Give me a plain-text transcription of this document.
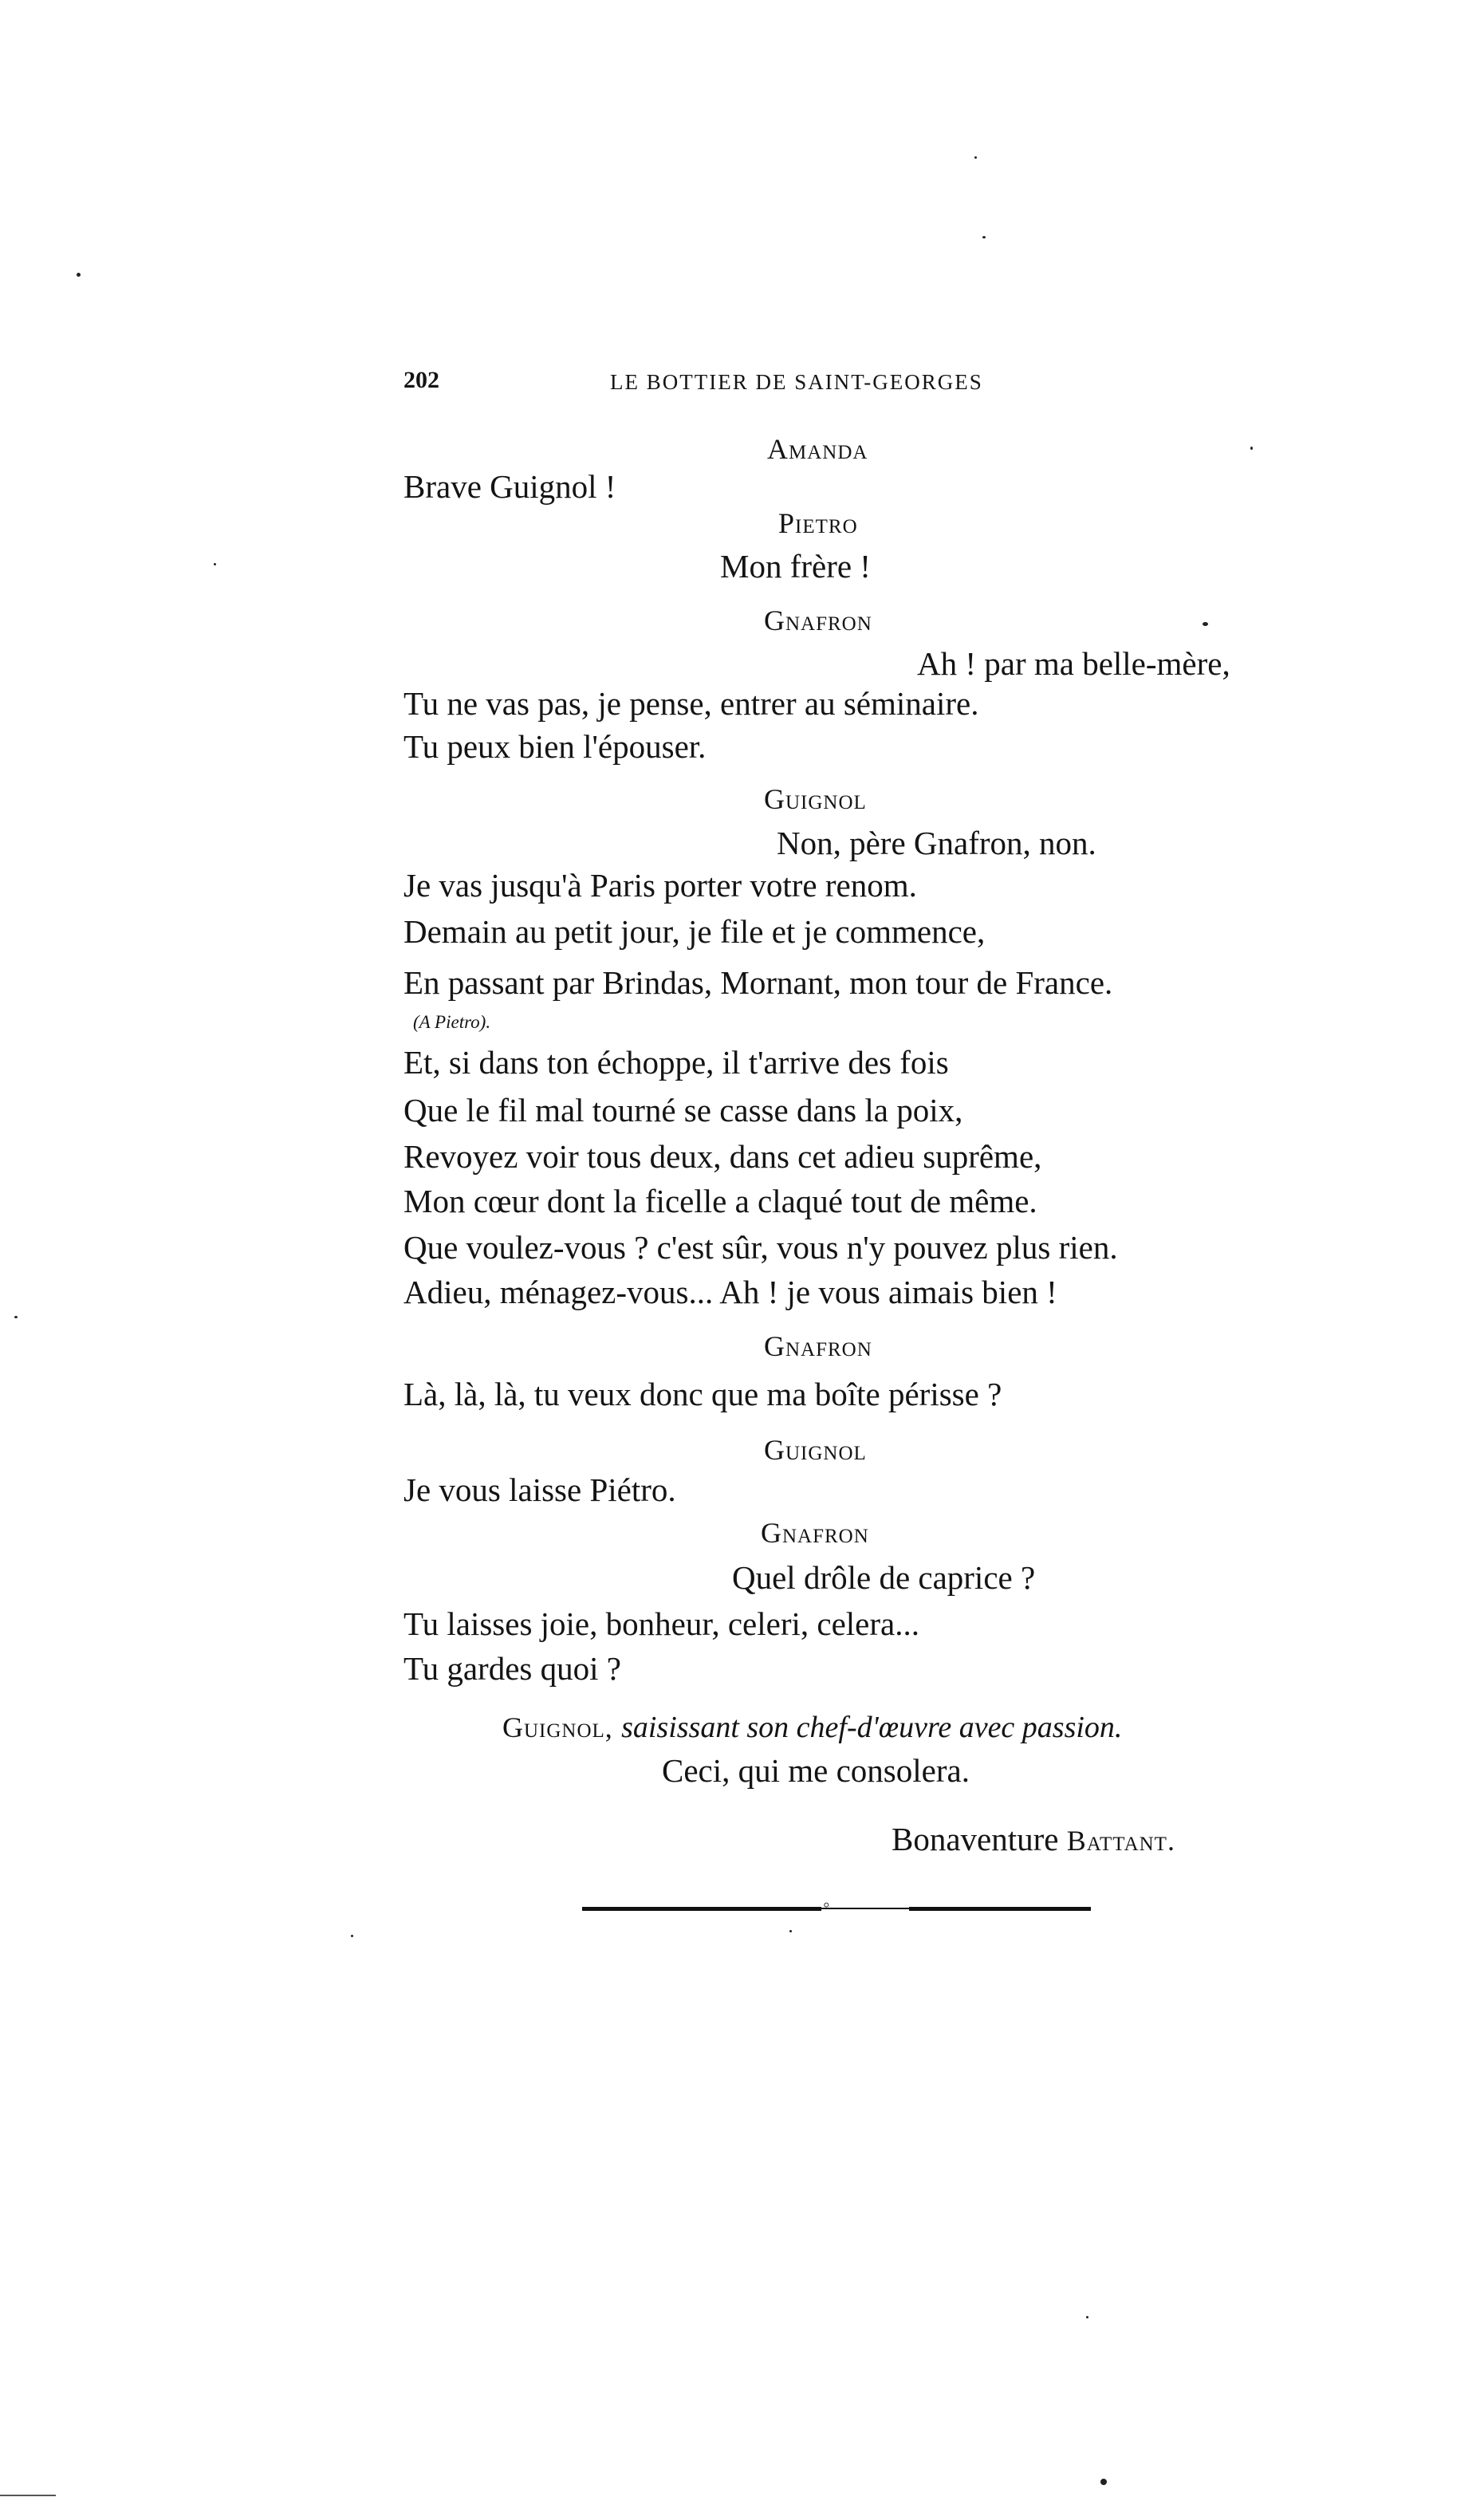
202	LE BOTTIER DE SAINT-GEORGES
Amanda
Brave Guignol !
Pietro
Mon frère !
Gnafron
Ah ! par ma belle-mère,
Tu ne vas pas, je pense, entrer au séminaire.
Tu peux bien l'épouser.
Guignol
Non, père Gnafron, non.
Je vas jusqu'à Paris porter votre renom.
Demain au petit jour, je file et je commence,
En passant par Brindas, Mornant, mon tour de France.
(A Pietro).
Et, si dans ton échoppe, il t'arrive des fois
Que le fil mal tourné se casse dans la poix,
Revoyez voir tous deux, dans cet adieu suprême,
Mon cœur dont la ficelle a claqué tout de même.
Que voulez-vous ? c'est sûr, vous n'y pouvez plus rien.
Adieu, ménagez-vous... Ah ! je vous aimais bien !
Gnafron
Là, là, là, tu veux donc que ma boîte périsse ?
Guignol
Je vous laisse Piétro.
Gnafron
Quel drôle de caprice ?
Tu laisses joie, bonheur, celeri, celera...
Tu gardes quoi ?
Guignol, saisissant son chef-d'œuvre avec passion.
Ceci, qui me consolera.
Bonaventure Battant.
◦
